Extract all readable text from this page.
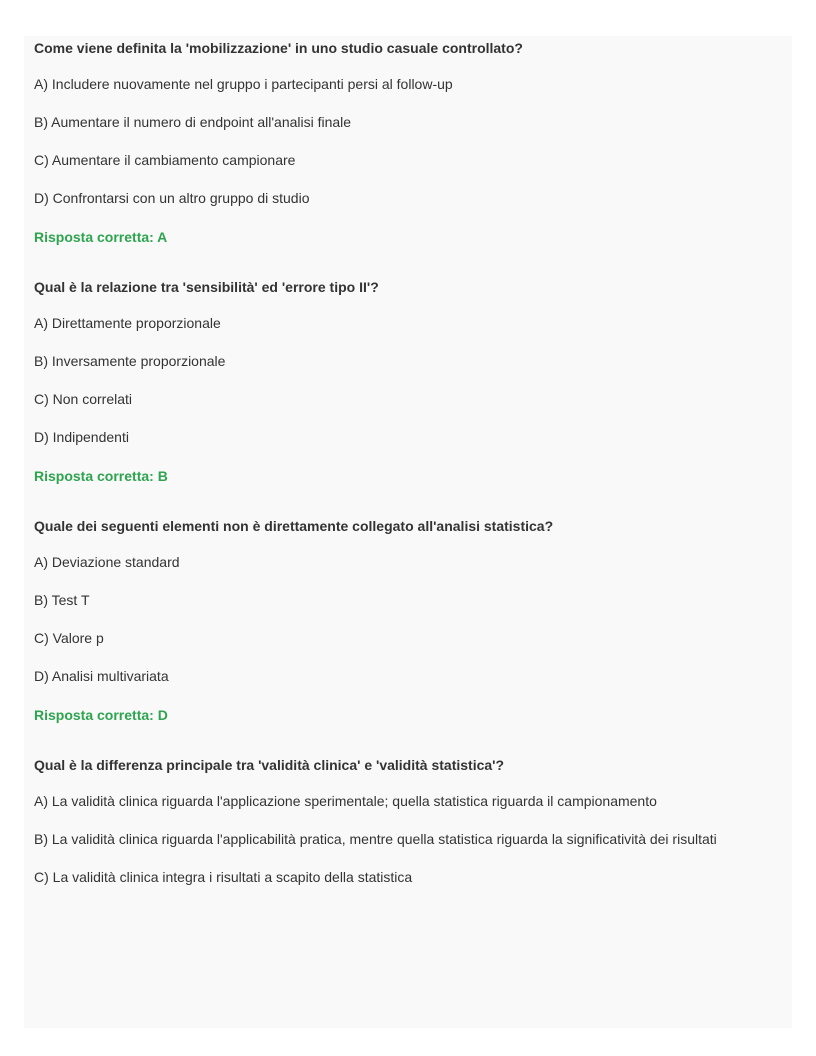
Come viene definita la 'mobilizzazione' in uno studio casuale controllato?

A) Includere nuovamente nel gruppo i partecipanti persi al follow-up

B) Aumentare il numero di endpoint all'analisi finale

C) Aumentare il cambiamento campionare

D) Confrontarsi con un altro gruppo di studio

Risposta corretta: A

Qual è la relazione tra 'sensibilità' ed 'errore tipo II'?

A) Direttamente proporzionale

B) Inversamente proporzionale

C) Non correlati

D) Indipendenti

Risposta corretta: B

Quale dei seguenti elementi non è direttamente collegato all'analisi statistica?

A) Deviazione standard

B) Test T

C) Valore p

D) Analisi multivariata

Risposta corretta: D

Qual è la differenza principale tra 'validità clinica' e 'validità statistica'?

A) La validità clinica riguarda l'applicazione sperimentale; quella statistica riguarda il campionamento

B) La validità clinica riguarda l'applicabilità pratica, mentre quella statistica riguarda la significatività dei risultati

C) La validità clinica integra i risultati a scapito della statistica
